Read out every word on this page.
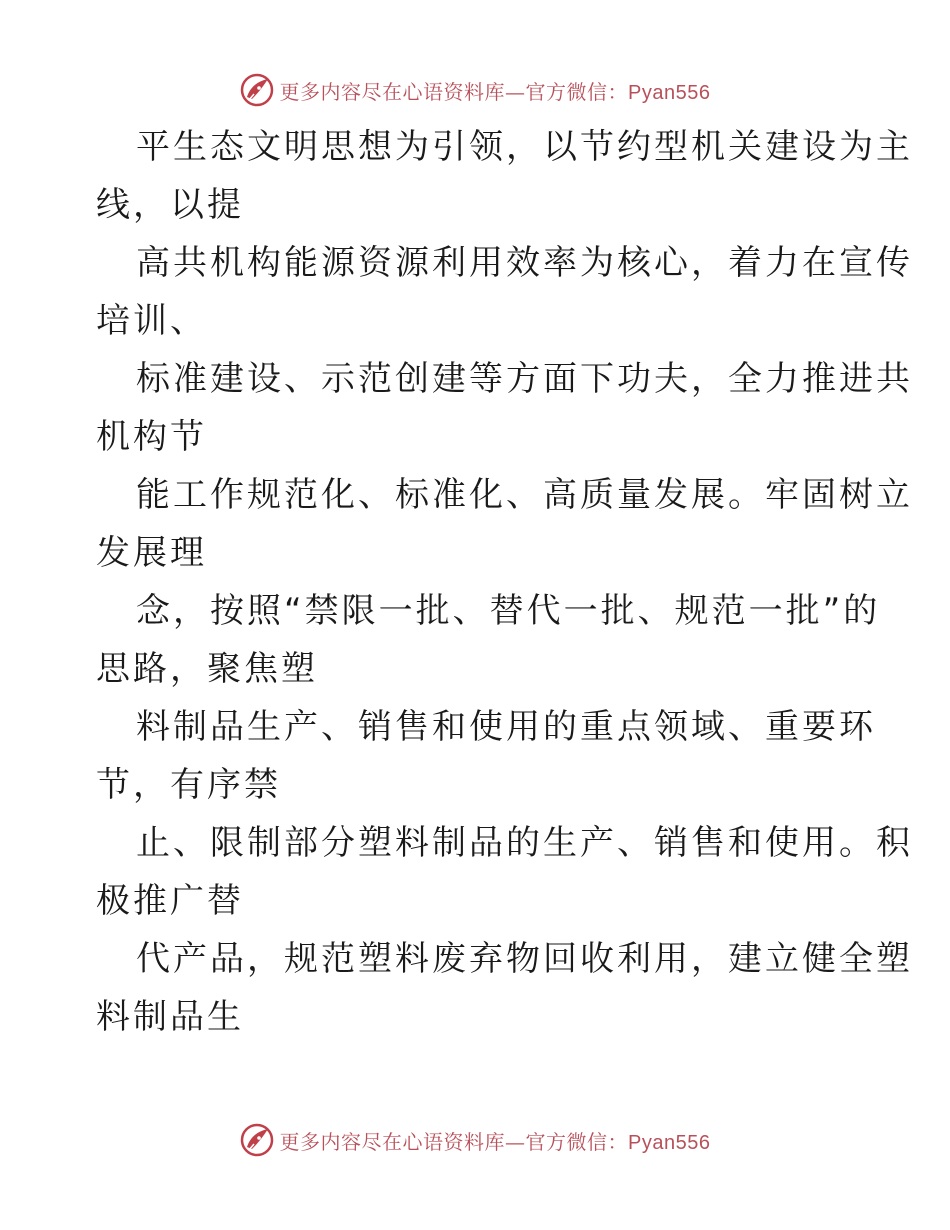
更多内容尽在心语资料库—官方微信：Pyan556

平生态文明思想为引领，以节约型机关建设为主
线，以提

高共机构能源资源利用效率为核心，着力在宣传
培训、

标准建设、示范创建等方面下功夫，全力推进共
机构节

能工作规范化、标准化、高质量发展。牢固树立
发展理

念，按照“禁限一批、替代一批、规范一批”的
思路，聚焦塑

料制品生产、销售和使用的重点领域、重要环
节，有序禁

止、限制部分塑料制品的生产、销售和使用。积
极推广替

代产品，规范塑料废弃物回收利用，建立健全塑
料制品生

更多内容尽在心语资料库—官方微信：Pyan556
